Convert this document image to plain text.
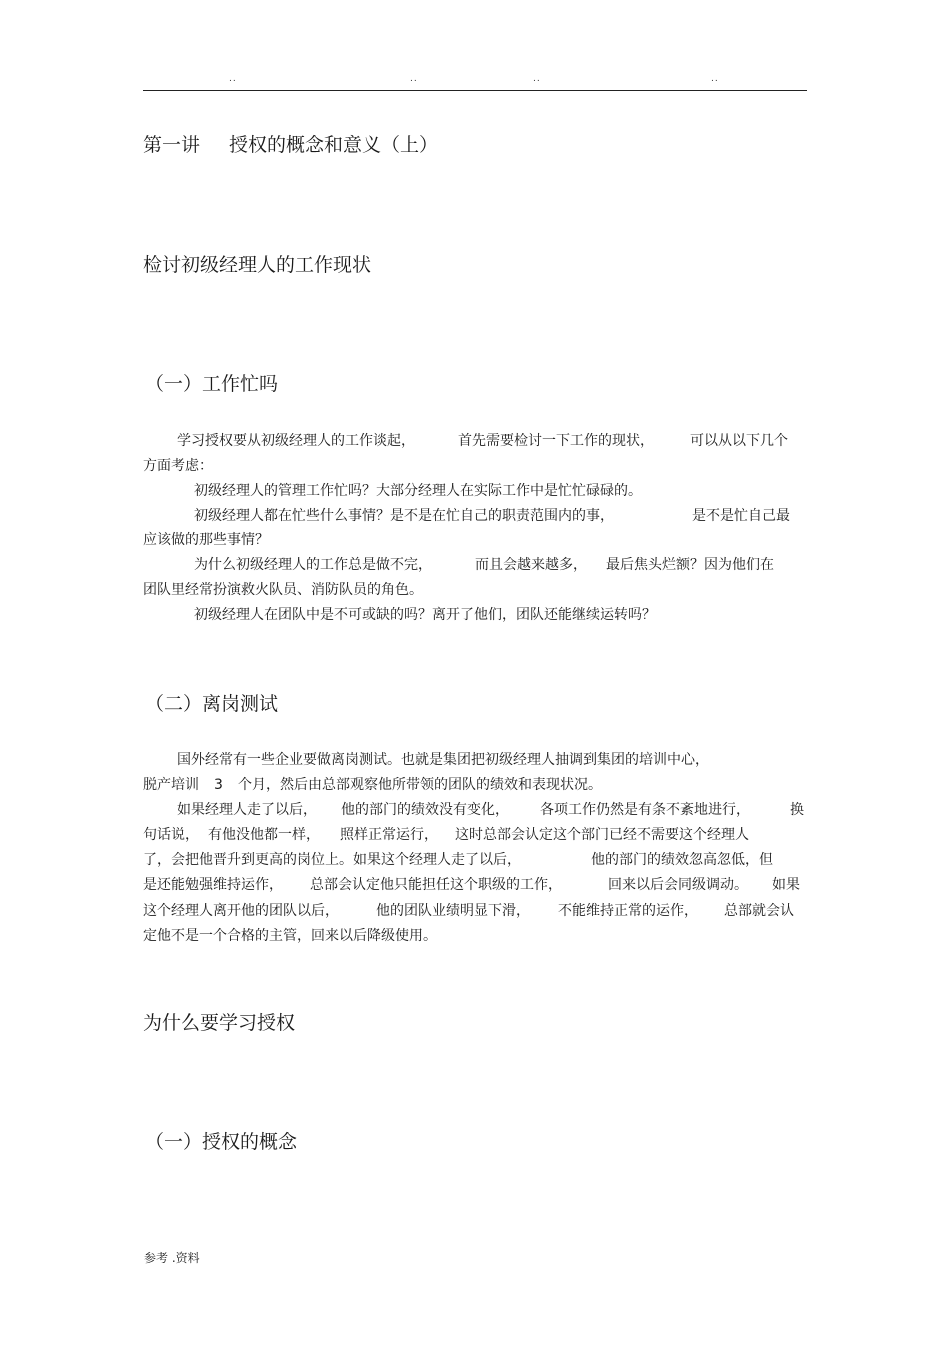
..	..	..	..
第一讲 授权的概念和意义（上）
检讨初级经理人的工作现状
（一）工作忙吗
学习授权要从初级经理人的工作谈起，	首先需要检讨一下工作的现状，	可以从以下几个
方面考虑：
初级经理人的管理工作忙吗？大部分经理人在实际工作中是忙忙碌碌的。
初级经理人都在忙些什么事情？是不是在忙自己的职责范围内的事，	是不是忙自己最
应该做的那些事情？
为什么初级经理人的工作总是做不完，	而且会越来越多， 最后焦头烂额？因为他们在
团队里经常扮演救火队员、消防队员的角色。
初级经理人在团队中是不可或缺的吗？离开了他们，团队还能继续运转吗？
（二）离岗测试
国外经常有一些企业要做离岗测试。也就是集团把初级经理人抽调到集团的培训中心，
脱产培训 3 个月，然后由总部观察他所带领的团队的绩效和表现状况。
如果经理人走了以后， 他的部门的绩效没有变化， 各项工作仍然是有条不紊地进行，	换
句话说， 有他没他都一样， 照样正常运行， 这时总部会认定这个部门已经不需要这个经理人
了，会把他晋升到更高的岗位上。如果这个经理人走了以后，	他的部门的绩效忽高忽低，但
是还能勉强维持运作， 总部会认定他只能担任这个职级的工作，	回来以后会同级调动。 如果
这个经理人离开他的团队以后，	他的团队业绩明显下滑， 不能维持正常的运作， 总部就会认
定他不是一个合格的主管，回来以后降级使用。
为什么要学习授权
（一）授权的概念
参考 .资料
